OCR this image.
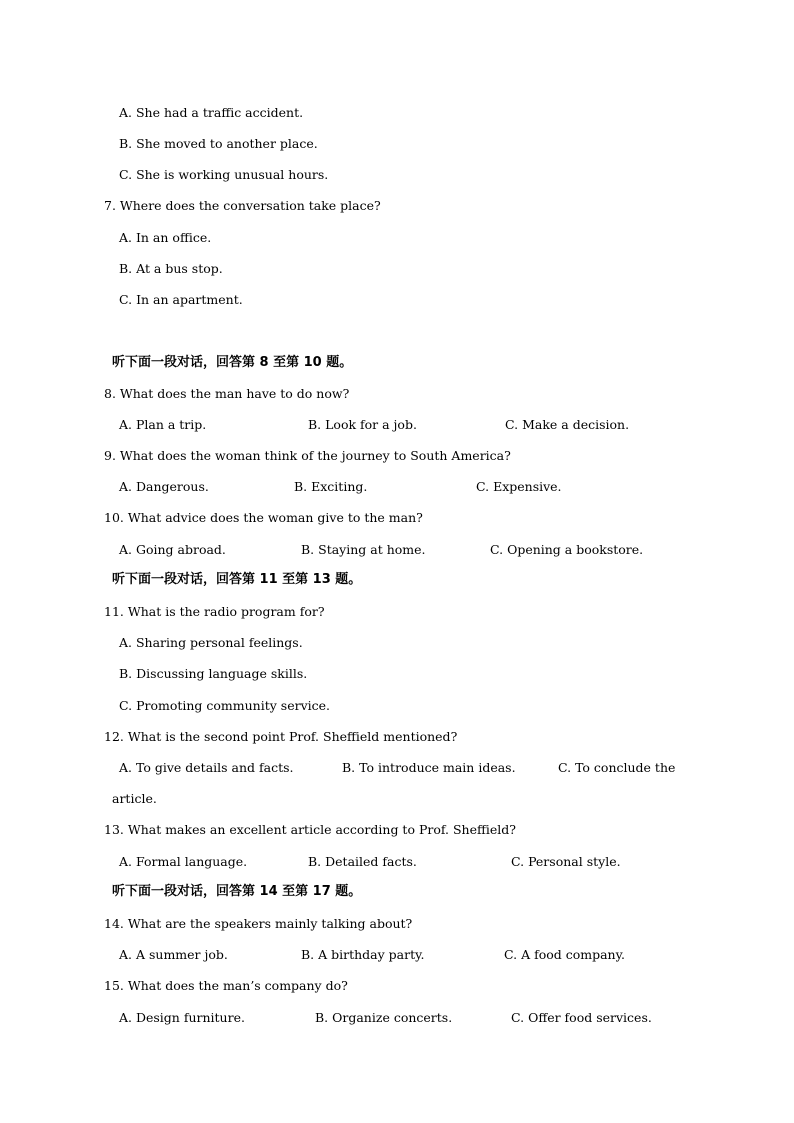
A. She had a traffic accident.
B. She moved to another place.
C. She is working unusual hours.
7. Where does the conversation take place?
A. In an office.
B. At a bus stop.
C. In an apartment.
听下面一段对话，回答第 8 至第 10 题。
8. What does the man have to do now?
A. Plan a trip.	B. Look for a job.	C. Make a decision.
9. What does the woman think of the journey to South America?
A. Dangerous.	B. Exciting.	C. Expensive.
10. What advice does the woman give to the man?
A. Going abroad.	B. Staying at home.	C. Opening a bookstore.
听下面一段对话，回答第 11 至第 13 题。
11. What is the radio program for?
A. Sharing personal feelings.
B. Discussing language skills.
C. Promoting community service.
12. What is the second point Prof. Sheffield mentioned?
A. To give details and facts.	B. To introduce main ideas.	C. To conclude the
article.
13. What makes an excellent article according to Prof. Sheffield?
A. Formal language.	B. Detailed facts.	C. Personal style.
听下面一段对话，回答第 14 至第 17 题。
14. What are the speakers mainly talking about?
A. A summer job.	B. A birthday party.	C. A food company.
15. What does the man’s company do?
A. Design furniture.	B. Organize concerts.	C. Offer food services.
